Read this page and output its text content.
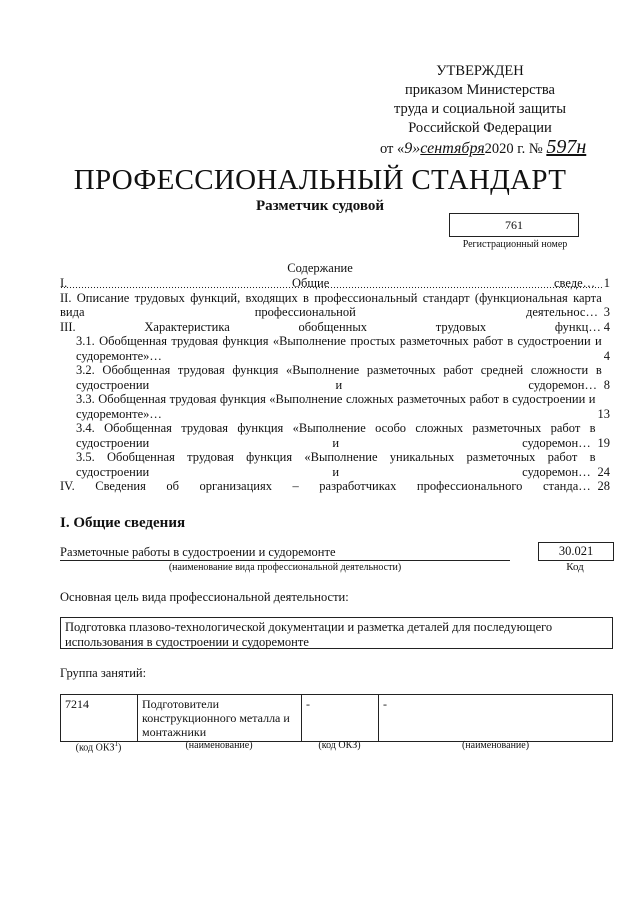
УТВЕРЖДЕН
приказом Министерства
труда и социальной защиты
Российской Федерации
от «9»сентября2020 г. № 597н
ПРОФЕССИОНАЛЬНЫЙ СТАНДАРТ
Разметчик судовой
761
Регистрационный номер
Содержание
I. Общие сведения	1
II. Описание трудовых функций, входящих в профессиональный стандарт (функциональная карта вида профессиональной деятельности)	3
III. Характеристика обобщенных трудовых функций	4
3.1. Обобщенная трудовая функция «Выполнение простых разметочных работ в судостроении и судоремонте»	4
3.2. Обобщенная трудовая функция «Выполнение разметочных работ средней сложности в судостроении и судоремонте»	8
3.3. Обобщенная трудовая функция «Выполнение сложных разметочных работ в судостроении и судоремонте»	13
3.4. Обобщенная трудовая функция «Выполнение особо сложных разметочных работ в судостроении и судоремонте»	19
3.5. Обобщенная трудовая функция «Выполнение уникальных разметочных работ в судостроении и судоремонте»	24
IV. Сведения об организациях – разработчиках профессионального стандарта	28
I. Общие сведения
Разметочные работы в судостроении и судоремонте
(наименование вида профессиональной деятельности)
30.021
Код
Основная цель вида профессиональной деятельности:
Подготовка плазово-технологической документации и разметка деталей для последующего использования в судостроении и судоремонте
Группа занятий:
7214	Подготовители конструкционного металла и монтажники	-	-
(код ОКЗ$^1$)	(наименование)	(код ОКЗ)	(наименование)
